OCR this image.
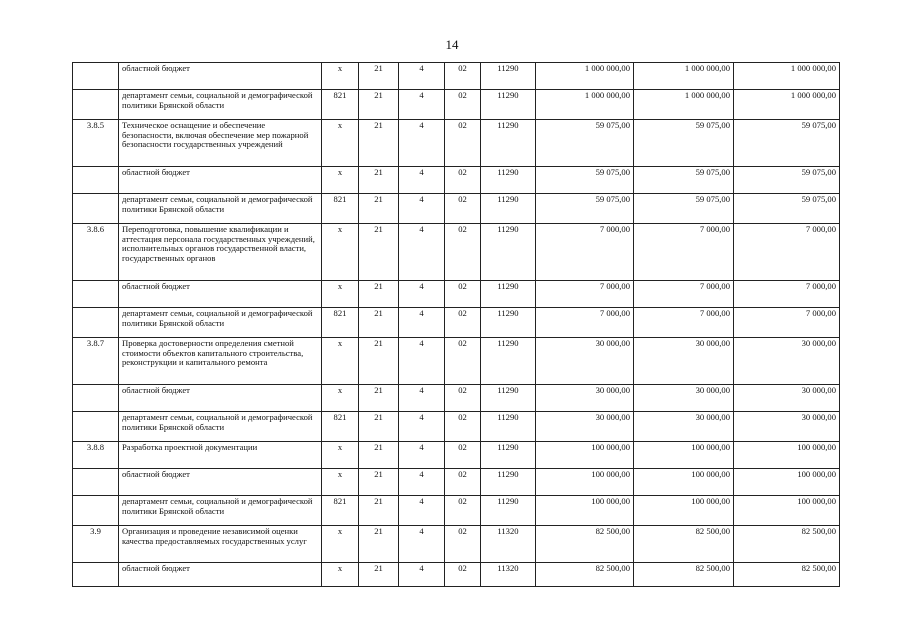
14
	областной бюджет	х	21	4	02	11290	1 000 000,00	1 000 000,00	1 000 000,00
	департамент семьи, социальной и демографической политики Брянской области	821	21	4	02	11290	1 000 000,00	1 000 000,00	1 000 000,00
3.8.5	Техническое оснащение и обеспечение безопасности, включая обеспечение мер пожарной безопасности государственных учреждений	х	21	4	02	11290	59 075,00	59 075,00	59 075,00
	областной бюджет	х	21	4	02	11290	59 075,00	59 075,00	59 075,00
	департамент семьи, социальной и демографической политики Брянской области	821	21	4	02	11290	59 075,00	59 075,00	59 075,00
3.8.6	Переподготовка, повышение квалификации и аттестация персонала государственных учреждений, исполнительных органов государственной власти, государственных органов	х	21	4	02	11290	7 000,00	7 000,00	7 000,00
	областной бюджет	х	21	4	02	11290	7 000,00	7 000,00	7 000,00
	департамент семьи, социальной и демографической политики Брянской области	821	21	4	02	11290	7 000,00	7 000,00	7 000,00
3.8.7	Проверка достоверности определения сметной стоимости объектов капитального строительства, реконструкции и капитального ремонта	х	21	4	02	11290	30 000,00	30 000,00	30 000,00
	областной бюджет	х	21	4	02	11290	30 000,00	30 000,00	30 000,00
	департамент семьи, социальной и демографической политики Брянской области	821	21	4	02	11290	30 000,00	30 000,00	30 000,00
3.8.8	Разработка проектной документации	х	21	4	02	11290	100 000,00	100 000,00	100 000,00
	областной бюджет	х	21	4	02	11290	100 000,00	100 000,00	100 000,00
	департамент семьи, социальной и демографической политики Брянской области	821	21	4	02	11290	100 000,00	100 000,00	100 000,00
3.9	Организация и проведение независимой оценки качества предоставляемых государственных услуг	х	21	4	02	11320	82 500,00	82 500,00	82 500,00
	областной бюджет	х	21	4	02	11320	82 500,00	82 500,00	82 500,00
